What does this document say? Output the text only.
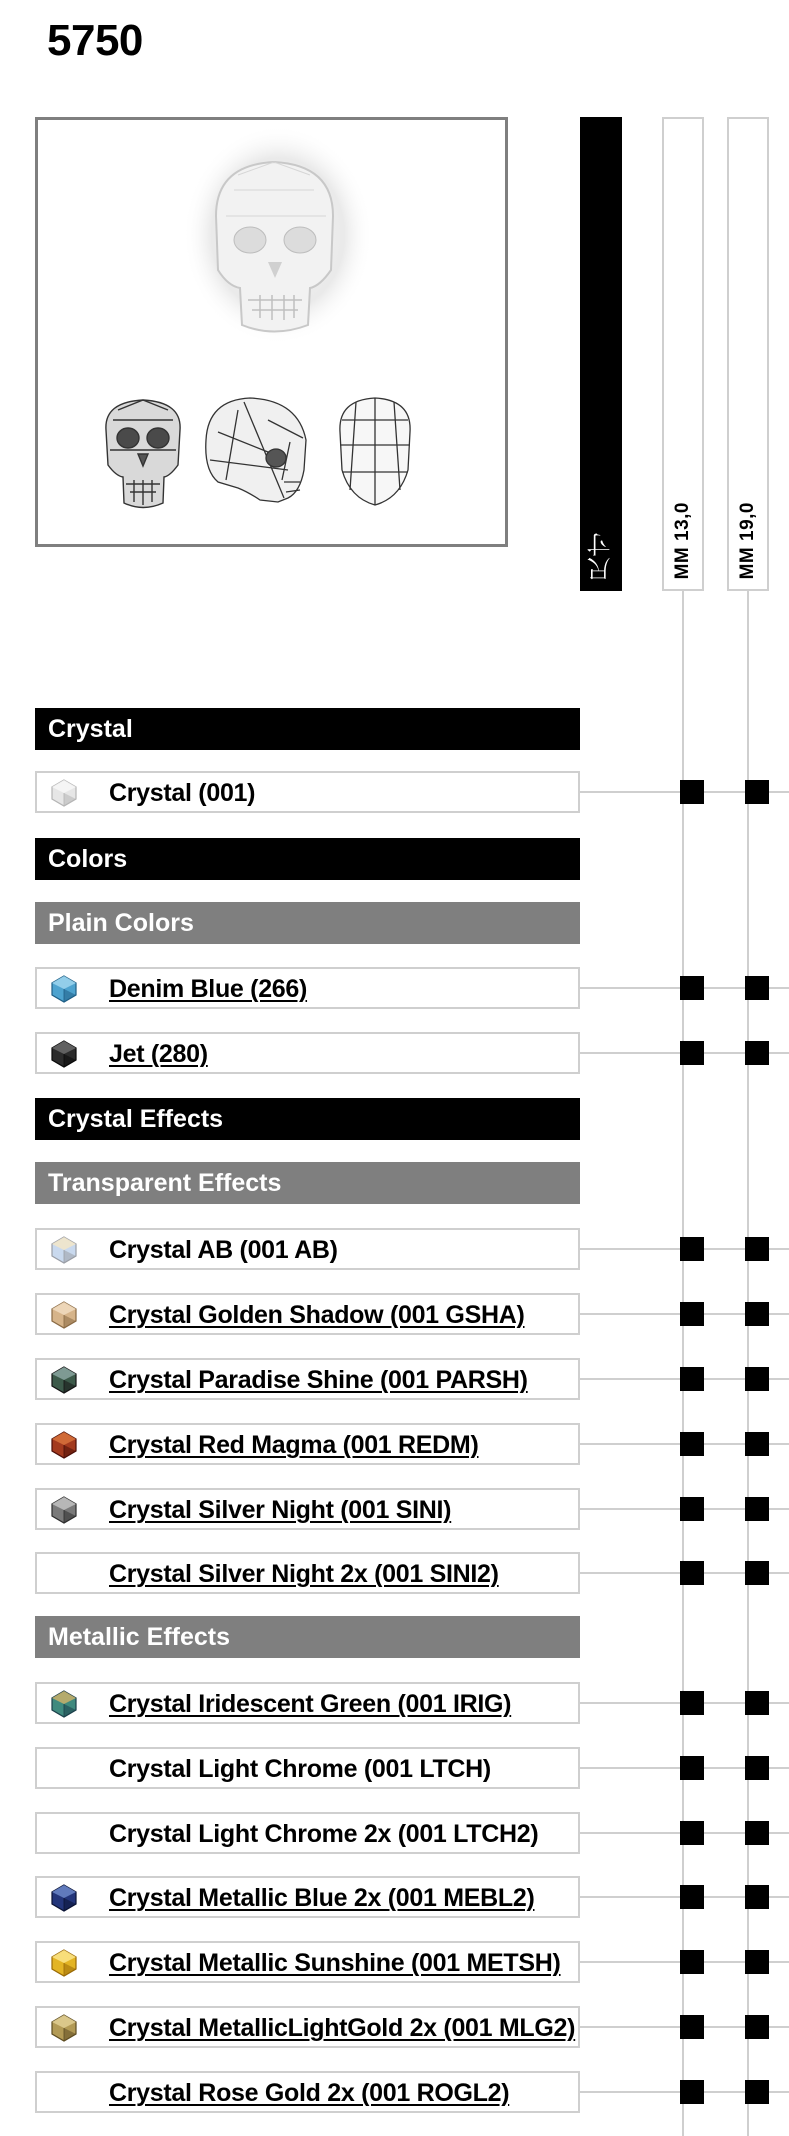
5750
尺寸	MM 13,0 MM 19,0
Crystal
Crystal (001)
Colors
Plain Colors
Denim Blue (266)
Jet (280)
Crystal Effects
Transparent Effects
Crystal AB (001 AB)
Crystal Golden Shadow (001 GSHA)
Crystal Paradise Shine (001 PARSH)
Crystal Red Magma (001 REDM)
Crystal Silver Night (001 SINI)
Crystal Silver Night 2x (001 SINI2)
Metallic Effects
Crystal Iridescent Green (001 IRIG)
Crystal Light Chrome (001 LTCH)
Crystal Light Chrome 2x (001 LTCH2)
Crystal Metallic Blue 2x (001 MEBL2)
Crystal Metallic Sunshine (001 METSH)
Crystal MetallicLightGold 2x (001 MLG2)
Crystal Rose Gold 2x (001 ROGL2)
